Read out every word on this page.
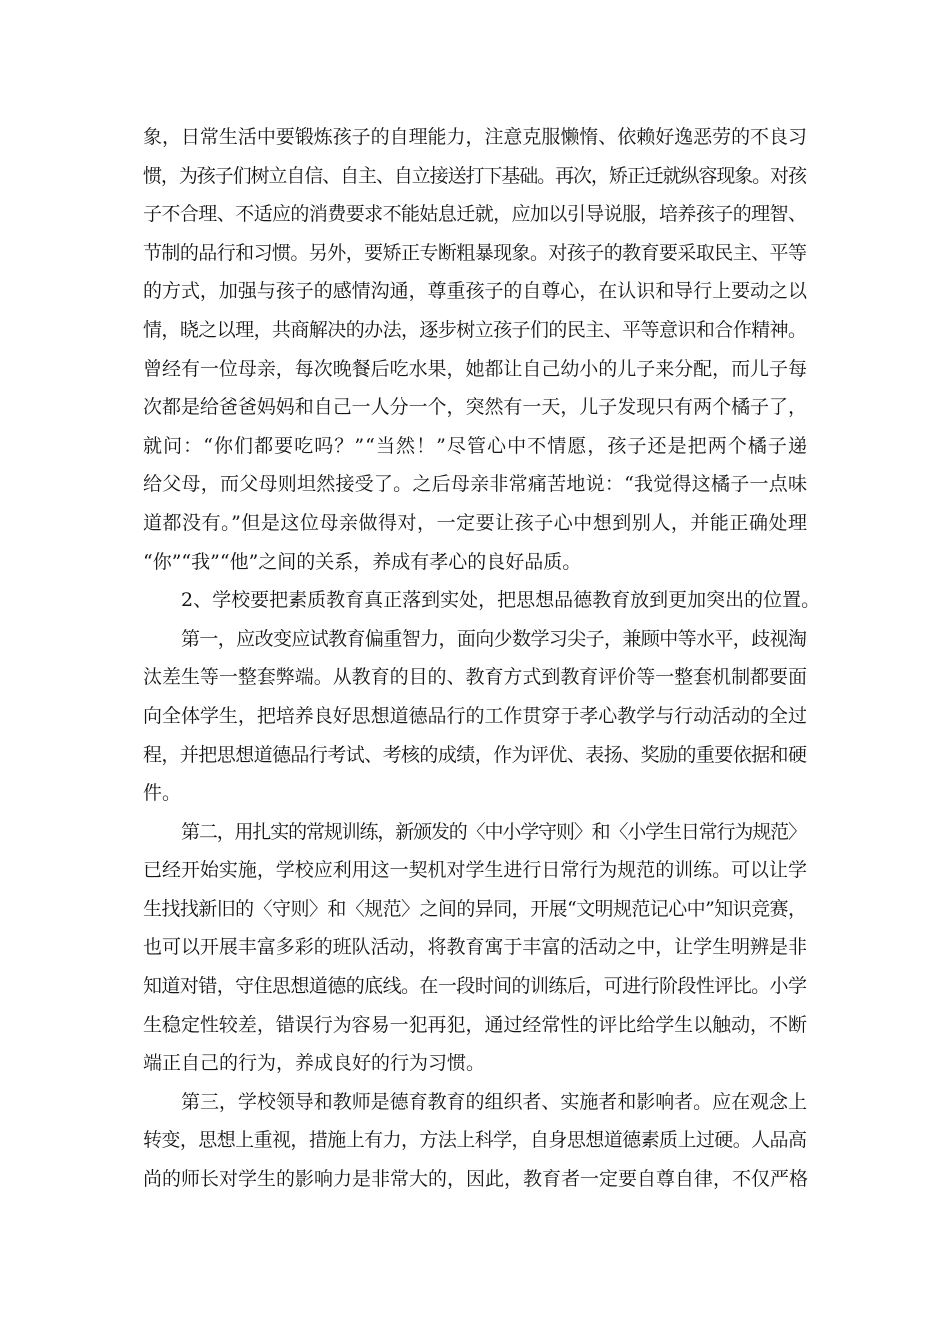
象，日常生活中要锻炼孩子的自理能力，注意克服懒惰、依赖好逸恶劳的不良习
惯，为孩子们树立自信、自主、自立接送打下基础。再次，矫正迁就纵容现象。对孩
子不合理、不适应的消费要求不能姑息迁就，应加以引导说服，培养孩子的理智、
节制的品行和习惯。另外，要矫正专断粗暴现象。对孩子的教育要采取民主、平等
的方式，加强与孩子的感情沟通，尊重孩子的自尊心，在认识和导行上要动之以
情，晓之以理，共商解决的办法，逐步树立孩子们的民主、平等意识和合作精神。
曾经有一位母亲，每次晚餐后吃水果，她都让自己幼小的儿子来分配，而儿子每
次都是给爸爸妈妈和自己一人分一个，突然有一天，儿子发现只有两个橘子了，
就问：“你们都要吃吗？”“当然！”尽管心中不情愿，孩子还是把两个橘子递
给父母，而父母则坦然接受了。之后母亲非常痛苦地说：“我觉得这橘子一点味
道都没有。”但是这位母亲做得对，一定要让孩子心中想到别人，并能正确处理
“你”“我”“他”之间的关系，养成有孝心的良好品质。
2、学校要把素质教育真正落到实处，把思想品德教育放到更加突出的位置。
第一，应改变应试教育偏重智力，面向少数学习尖子，兼顾中等水平，歧视淘
汰差生等一整套弊端。从教育的目的、教育方式到教育评价等一整套机制都要面
向全体学生，把培养良好思想道德品行的工作贯穿于孝心教学与行动活动的全过
程，并把思想道德品行考试、考核的成绩，作为评优、表扬、奖励的重要依据和硬
件。
第二，用扎实的常规训练，新颁发的〈中小学守则〉和〈小学生日常行为规范〉
已经开始实施，学校应利用这一契机对学生进行日常行为规范的训练。可以让学
生找找新旧的〈守则〉和〈规范〉之间的异同，开展“文明规范记心中”知识竞赛，
也可以开展丰富多彩的班队活动，将教育寓于丰富的活动之中，让学生明辨是非
知道对错，守住思想道德的底线。在一段时间的训练后，可进行阶段性评比。小学
生稳定性较差，错误行为容易一犯再犯，通过经常性的评比给学生以触动，不断
端正自己的行为，养成良好的行为习惯。
第三，学校领导和教师是德育教育的组织者、实施者和影响者。应在观念上
转变，思想上重视，措施上有力，方法上科学，自身思想道德素质上过硬。人品高
尚的师长对学生的影响力是非常大的，因此，教育者一定要自尊自律，不仅严格
